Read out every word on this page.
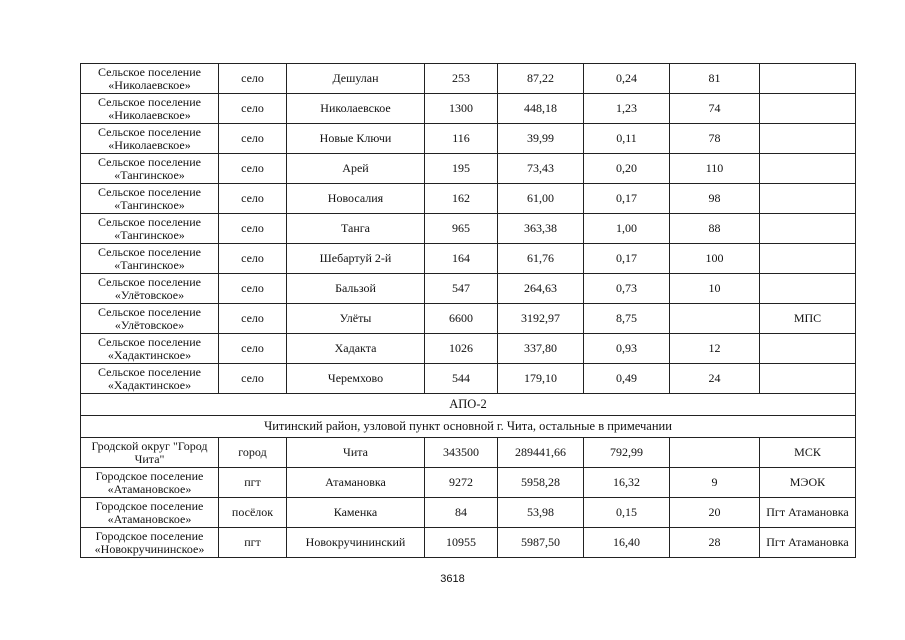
Сельское поселение «Николаевское»	село	Дешулан	253	87,22	0,24	81	
Сельское поселение «Николаевское»	село	Николаевское	1300	448,18	1,23	74	
Сельское поселение «Николаевское»	село	Новые Ключи	116	39,99	0,11	78	
Сельское поселение «Тангинское»	село	Арей	195	73,43	0,20	110	
Сельское поселение «Тангинское»	село	Новосалия	162	61,00	0,17	98	
Сельское поселение «Тангинское»	село	Танга	965	363,38	1,00	88	
Сельское поселение «Тангинское»	село	Шебартуй 2-й	164	61,76	0,17	100	
Сельское поселение «Улётовское»	село	Бальзой	547	264,63	0,73	10	
Сельское поселение «Улётовское»	село	Улёты	6600	3192,97	8,75		МПС
Сельское поселение «Хадактинское»	село	Хадакта	1026	337,80	0,93	12	
Сельское поселение «Хадактинское»	село	Черемхово	544	179,10	0,49	24	
АПО-2							
Читинский район, узловой пункт основной г. Чита, остальные в примечании							
Гродской округ "Город Чита"	город	Чита	343500	289441,66	792,99		МСК
Городское поселение «Атамановское»	пгт	Атамановка	9272	5958,28	16,32	9	МЭОК
Городское поселение «Атамановское»	посёлок	Каменка	84	53,98	0,15	20	Пгт Атамановка
Городское поселение «Новокручининское»	пгт	Новокручининский	10955	5987,50	16,40	28	Пгт Атамановка
3618
